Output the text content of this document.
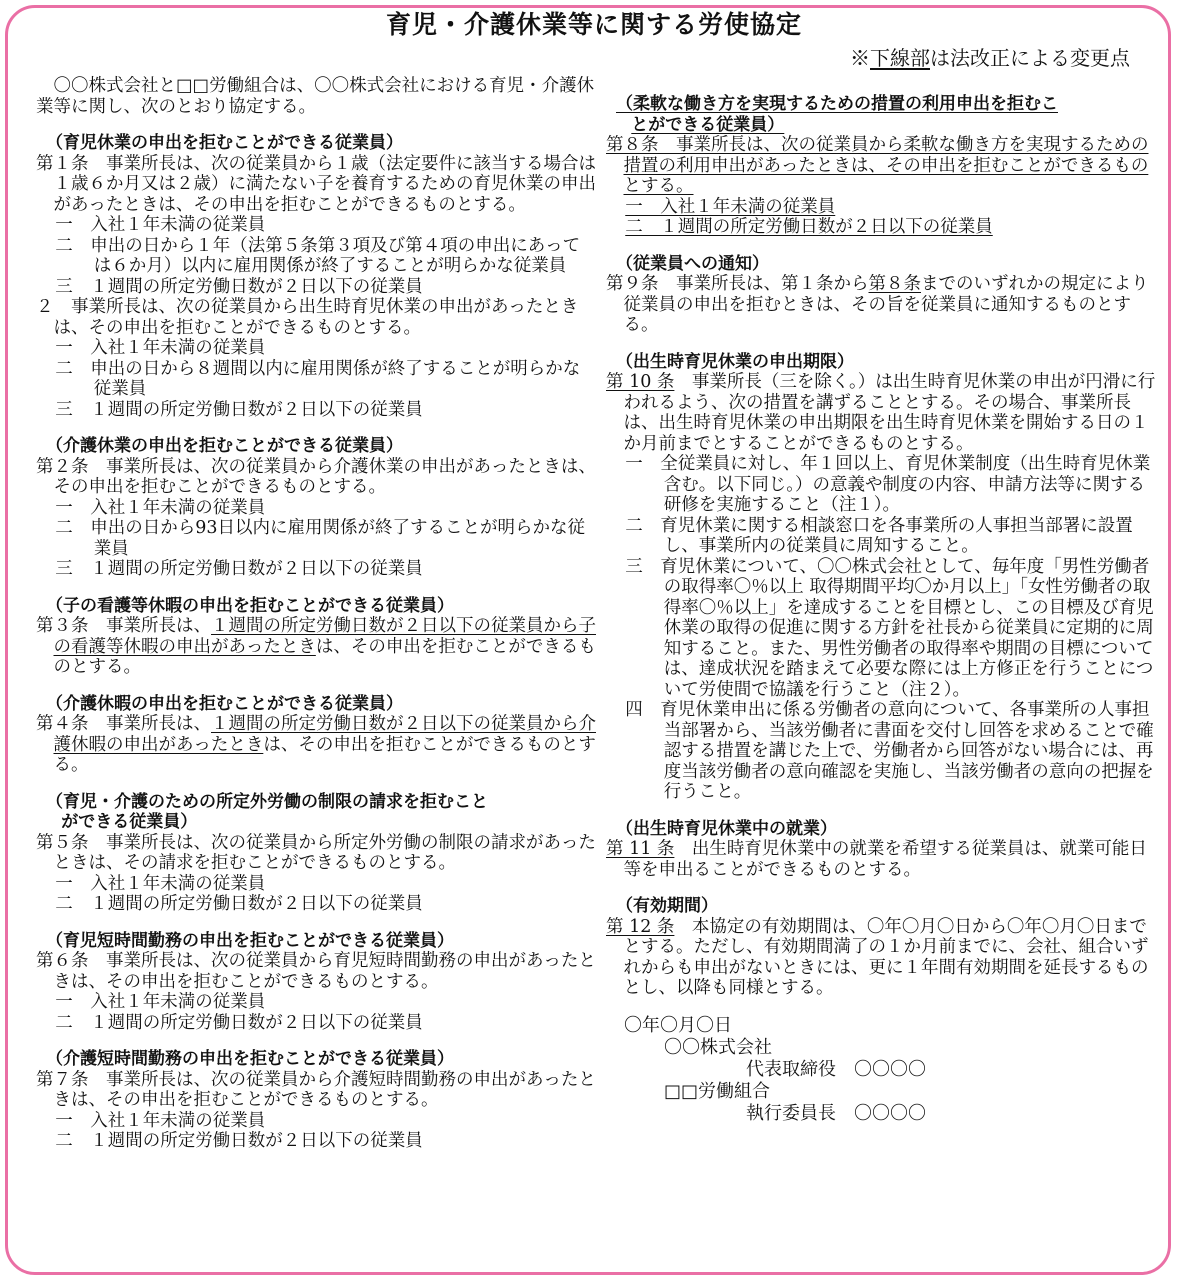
育児・介護休業等に関する労使協定
※下線部は法改正による変更点

〇〇株式会社と□□労働組合は、〇〇株式会社における育児・介護休業等に関し、次のとおり協定する。

（育児休業の申出を拒むことができる従業員）

第１条　事業所長は、次の従業員から１歳（法定要件に該当する場合は１歳６か月又は２歳）に満たない子を養育するための育児休業の申出があったときは、その申出を拒むことができるものとする。

一　入社１年未満の従業員

二　申出の日から１年（法第５条第３項及び第４項の申出にあっては６か月）以内に雇用関係が終了することが明らかな従業員

三　１週間の所定労働日数が２日以下の従業員

２　事業所長は、次の従業員から出生時育児休業の申出があったときは、その申出を拒むことができるものとする。

一　入社１年未満の従業員

二　申出の日から８週間以内に雇用関係が終了することが明らかな従業員

三　１週間の所定労働日数が２日以下の従業員

（介護休業の申出を拒むことができる従業員）

第２条　事業所長は、次の従業員から介護休業の申出があったときは、その申出を拒むことができるものとする。

一　入社１年未満の従業員

二　申出の日から93日以内に雇用関係が終了することが明らかな従業員

三　１週間の所定労働日数が２日以下の従業員

（子の看護等休暇の申出を拒むことができる従業員）

第３条　事業所長は、１週間の所定労働日数が２日以下の従業員から子の看護等休暇の申出があったときは、その申出を拒むことができるものとする。

（介護休暇の申出を拒むことができる従業員）

第４条　事業所長は、１週間の所定労働日数が２日以下の従業員から介護休暇の申出があったときは、その申出を拒むことができるものとする。

（育児・介護のための所定外労働の制限の請求を拒むこと
ができる従業員）

第５条　事業所長は、次の従業員から所定外労働の制限の請求があったときは、その請求を拒むことができるものとする。

一　入社１年未満の従業員

二　１週間の所定労働日数が２日以下の従業員

（育児短時間勤務の申出を拒むことができる従業員）

第６条　事業所長は、次の従業員から育児短時間勤務の申出があったときは、その申出を拒むことができるものとする。

一　入社１年未満の従業員

二　１週間の所定労働日数が２日以下の従業員

（介護短時間勤務の申出を拒むことができる従業員）

第７条　事業所長は、次の従業員から介護短時間勤務の申出があったときは、その申出を拒むことができるものとする。

一　入社１年未満の従業員

二　１週間の所定労働日数が２日以下の従業員

（柔軟な働き方を実現するための措置の利用申出を拒むこ
とができる従業員）

第８条　事業所長は、次の従業員から柔軟な働き方を実現するための措置の利用申出があったときは、その申出を拒むことができるものとする。

一　入社１年未満の従業員

二　１週間の所定労働日数が２日以下の従業員

（従業員への通知）

第９条　事業所長は、第１条から第８条までのいずれかの規定により従業員の申出を拒むときは、その旨を従業員に通知するものとする。

（出生時育児休業の申出期限）

第 10 条　事業所長（三を除く。）は出生時育児休業の申出が円滑に行われるよう、次の措置を講ずることとする。その場合、事業所長は、出生時育児休業の申出期限を出生時育児休業を開始する日の１か月前までとすることができるものとする。

一　全従業員に対し、年１回以上、育児休業制度（出生時育児休業含む。以下同じ。）の意義や制度の内容、申請方法等に関する研修を実施すること（注１）。

二　育児休業に関する相談窓口を各事業所の人事担当部署に設置し、事業所内の従業員に周知すること。

三　育児休業について、〇〇株式会社として、毎年度「男性労働者の取得率〇％以上 取得期間平均〇か月以上」「女性労働者の取得率〇％以上」を達成することを目標とし、この目標及び育児休業の取得の促進に関する方針を社長から従業員に定期的に周知すること。また、男性労働者の取得率や期間の目標については、達成状況を踏まえて必要な際には上方修正を行うことについて労使間で協議を行うこと（注２）。

四　育児休業申出に係る労働者の意向について、各事業所の人事担当部署から、当該労働者に書面を交付し回答を求めることで確認する措置を講じた上で、労働者から回答がない場合には、再度当該労働者の意向確認を実施し、当該労働者の意向の把握を行うこと。

（出生時育児休業中の就業）

第 11 条　出生時育児休業中の就業を希望する従業員は、就業可能日等を申出ることができるものとする。

（有効期間）

第 12 条　本協定の有効期間は、〇年〇月〇日から〇年〇月〇日までとする。ただし、有効期間満了の１か月前までに、会社、組合いずれからも申出がないときには、更に１年間有効期間を延長するものとし、以降も同様とする。

〇年〇月〇日
〇〇株式会社
代表取締役　 〇〇〇〇
□□労働組合
執行委員長　 〇〇〇〇
